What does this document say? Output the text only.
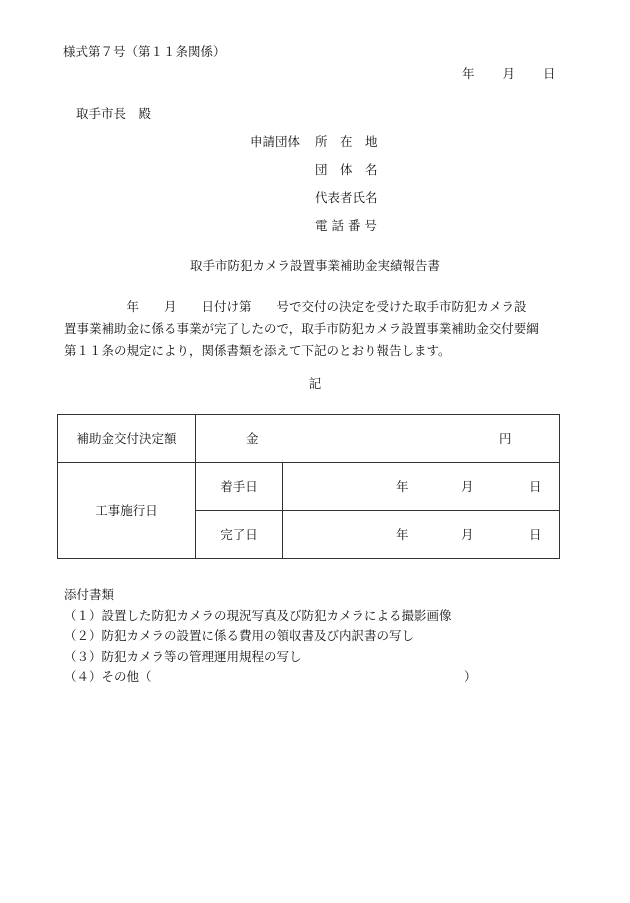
様式第７号（第１１条関係）
年 月 日
取手市長　殿
申請団体 所　在　地
団　体　名
代表者氏名
電 話 番 号
取手市防犯カメラ設置事業補助金実績報告書
　　　　　年　　月　　日付け第　　号で交付の決定を受けた取手市防犯カメラ設
置事業補助金に係る事業が完了したので，取手市防犯カメラ設置事業補助金交付要綱
第１１条の規定により，関係書類を添えて下記のとおり報告します。
記
補助金交付決定額	金 円	

工事施行日	着手日	年 月 日

	完了日	年 月 日
添付書類
（１）設置した防犯カメラの現況写真及び防犯カメラによる撮影画像
（２）防犯カメラの設置に係る費用の領収書及び内訳書の写し
（３）防犯カメラ等の管理運用規程の写し
（４）その他（　　　　　　　　　　　　　　　　　　　　　　　　　）
